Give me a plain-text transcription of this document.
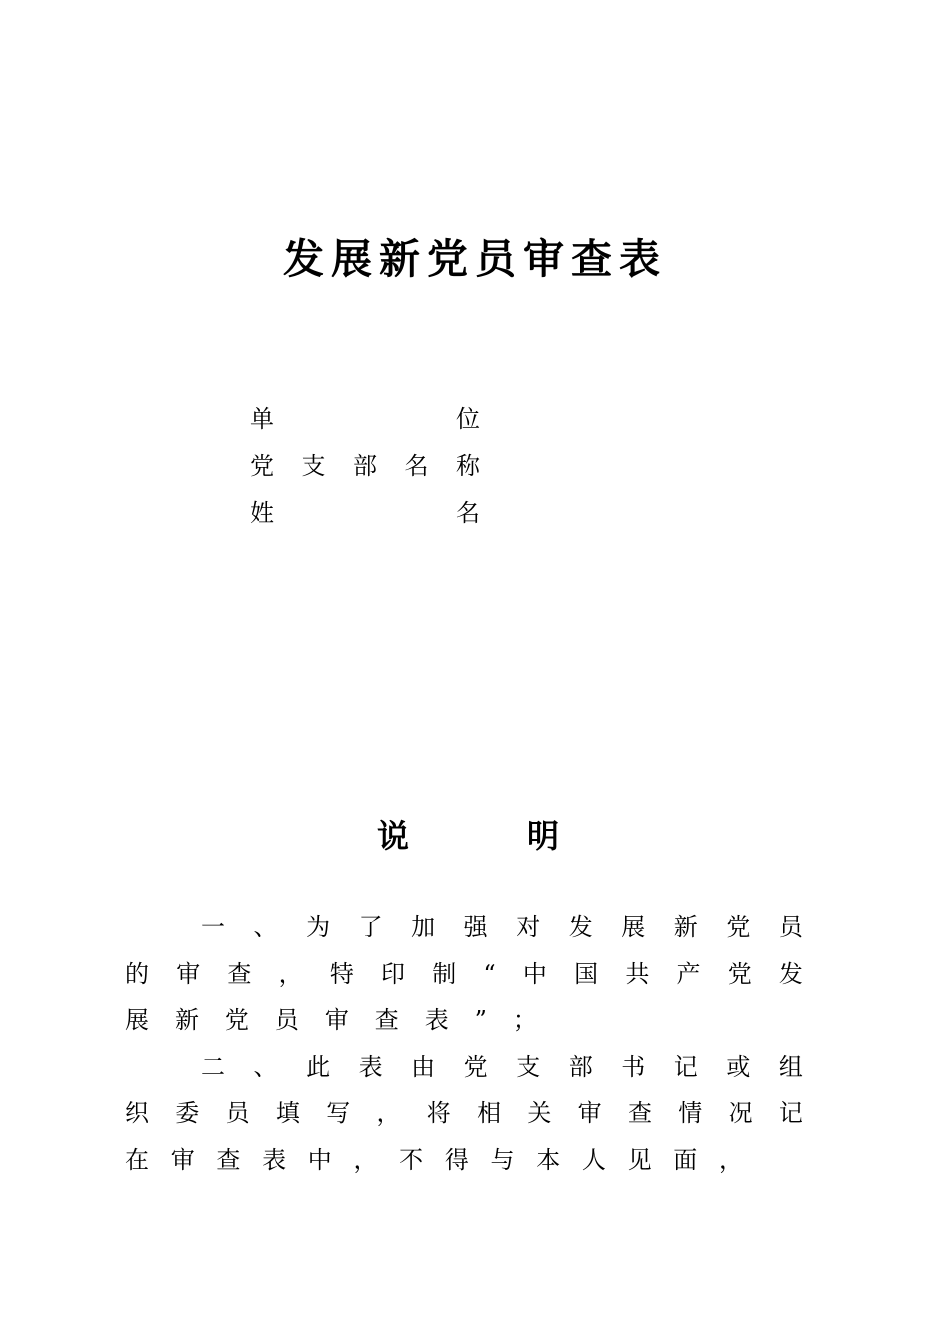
发展新党员审查表
单	位
党 支 部 名 称
姓	名
说	明
一 、 为 了 加 强 对 发 展 新 党 员
的 审 查 ， 特 印 制 “ 中 国 共 产 党 发
展 新 党 员 审 查 表 ” ；
二 、 此 表 由 党 支 部 书 记 或 组
织 委 员 填 写 ， 将 相 关 审 查 情 况 记
在 审 查 表 中 ， 不 得 与 本 人 见 面 ，
